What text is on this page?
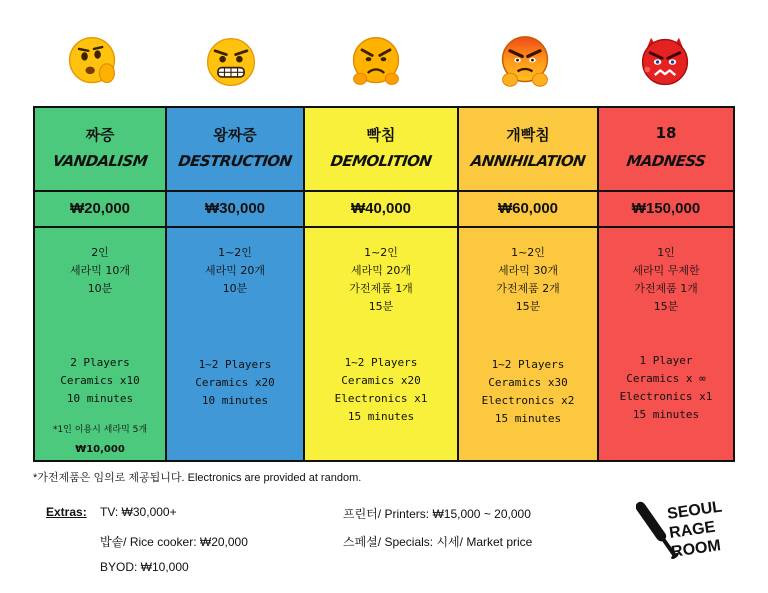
짜증
VANDALISM
₩20,000
2인
세라믹 10개
10분
2 Players
Ceramics x10
10 minutes
*1인 이용시 세라믹 5개
₩10,000
왕짜증
DESTRUCTION
₩30,000
1~2인
세라믹 20개
10분
1~2 Players
Ceramics x20
10 minutes
빡침
DEMOLITION
₩40,000
1~2인
세라믹 20개
가전제품 1개
15분
1~2 Players
Ceramics x20
Electronics x1
15 minutes
개빡침
ANNIHILATION
₩60,000
1~2인
세라믹 30개
가전제품 2개
15분
1~2 Players
Ceramics x30
Electronics x2
15 minutes
18
MADNESS
₩150,000
1인
세라믹 무제한
가전제품 1개
15분
1 Player
Ceramics x ∞
Electronics x1
15 minutes
*가전제품은 임의로 제공됩니다. Electronics are provided at random.
Extras: TV: ₩30,000+
밥솥/ Rice cooker: ₩20,000
BYOD: ₩10,000
프린터/ Printers: ₩15,000 ~ 20,000
스페셜/ Specials: 시세/ Market price
SEOUL
RAGE
ROOM
